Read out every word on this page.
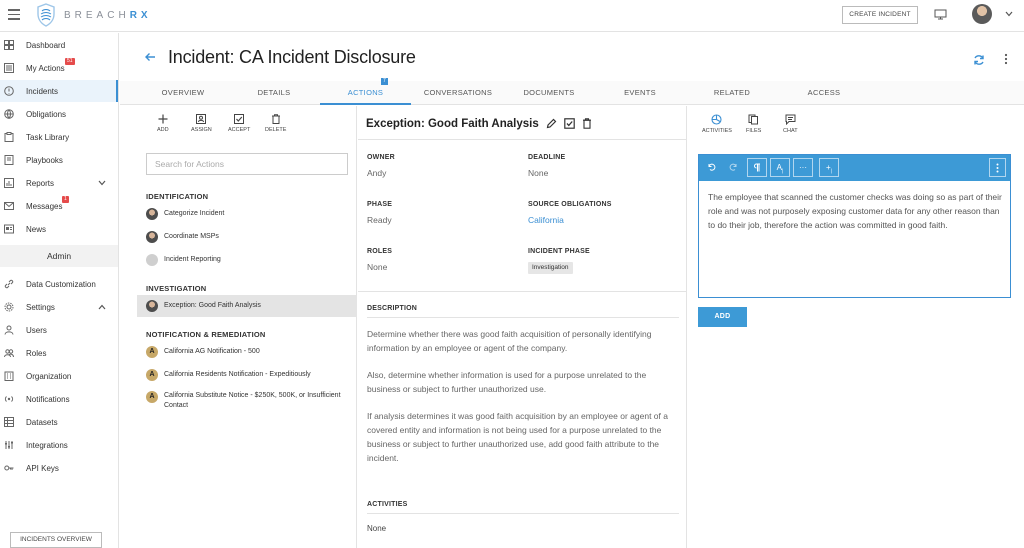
BREACHRX	CREATE INCIDENT
Dashboard
My Actions
51
Incidents
Obligations
Task Library
Playbooks
Reports
Messages
1
News
Admin
Data Customization
Settings
Users
Roles
Organization
Notifications
Datasets
Integrations
API Keys
INCIDENTS OVERVIEW
Incident: CA Incident Disclosure
OVERVIEW	DETAILS	ACTIONS
7
CONVERSATIONS	DOCUMENTS	EVENTS	RELATED	ACCESS
ADD	ASSIGN	ACCEPT	DELETE
Search for Actions
IDENTIFICATION
Categorize Incident
Coordinate MSPs
Incident Reporting
INVESTIGATION
Exception: Good Faith Analysis
NOTIFICATION & REMEDIATION
A	California AG Notification - 500
A	California Residents Notification - Expeditiously
A	California Substitute Notice - $250K, 500K, or Insufficient Contact
Exception: Good Faith Analysis
OWNER
Andy
DEADLINE
None
PHASE
Ready
SOURCE OBLIGATIONS
California
ROLES
None
INCIDENT PHASE
Investigation
DESCRIPTION
Determine whether there was good faith acquisition of personally identifying information by an employee or agent of the company.
Also, determine whether information is used for a purpose unrelated to the business or subject to further unauthorized use.
If analysis determines it was good faith acquisition by an employee or agent of a covered entity and information is not being used for a purpose unrelated to the business or subject to further unauthorized use, add good faith attribute to the incident.
ACTIVITIES
None
ACTIVITIES	FILES	CHAT
$A_|$	···	$+_|$
The employee that scanned the customer checks was doing so as part of their role and was not purposely exposing customer data for any other reason than to do their job, therefore the action was committed in good faith.
ADD
